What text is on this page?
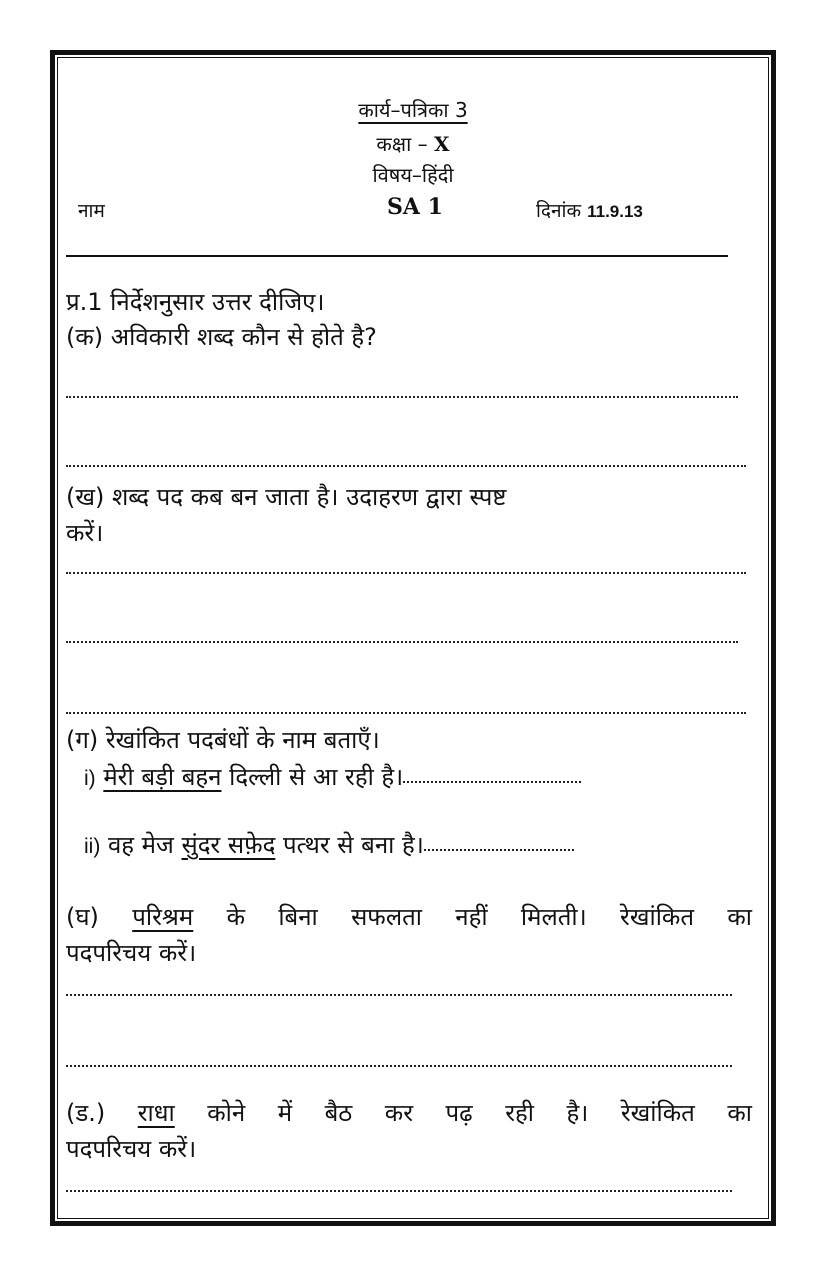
कार्य–पत्रिका 3
कक्षा – X
विषय–हिंदी
नाम	SA 1	दिनांक 11.9.13
प्र.1 निर्देशनुसार उत्तर दीजिए।
(क) अविकारी शब्द कौन से होते है?
(ख) शब्द पद कब बन जाता है। उदाहरण द्वारा स्पष्ट
करें।
(ग) रेखांकित पदबंधों के नाम बताएँ।
i) मेरी बड़ी बहन दिल्ली से आ रही है।
ii) वह मेज सुंदर सफ़ेद पत्थर से बना है।
(घ) परिश्रम के बिना सफलता नहीं मिलती। रेखांकित का
पदपरिचय करें।
(ड.) राधा कोने में बैठ कर पढ़ रही है। रेखांकित का
पदपरिचय करें।
